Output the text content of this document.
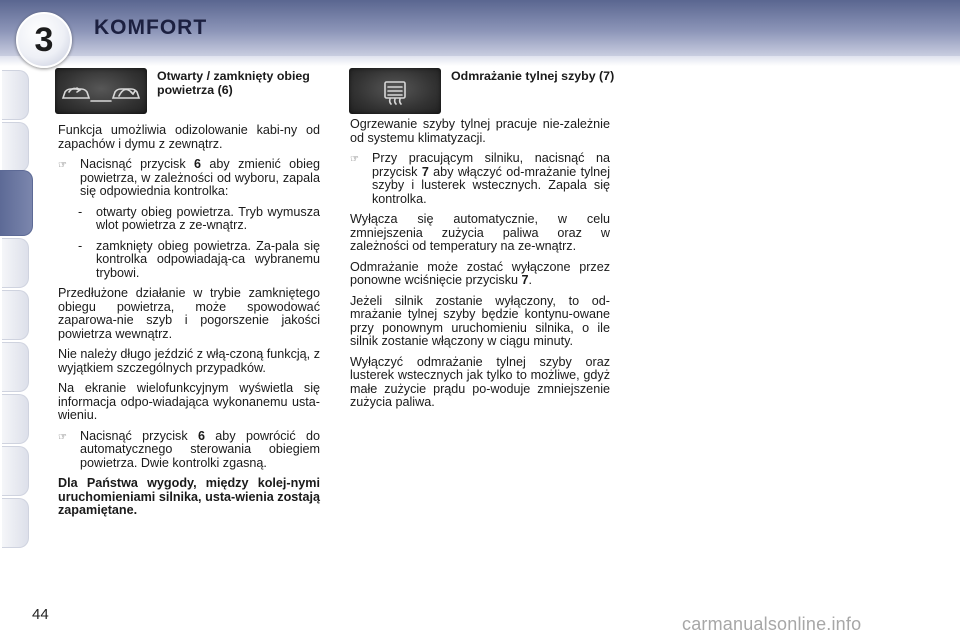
3 KOMFORT
Otwarty / zamknięty obieg powietrza (6)

Funkcja umożliwia odizolowanie kabi-ny od zapachów i dymu z zewnątrz.

☞	Nacisnąć przycisk 6 aby zmienić obieg powietrza, w zależności od wyboru, zapala się odpowiednia kontrolka:
-	otwarty obieg powietrza. Tryb wymusza wlot powietrza z ze-wnątrz.
-	zamknięty obieg powietrza. Za-pala się kontrolka odpowiadają-ca wybranemu trybowi.

Przedłużone działanie w trybie zamkniętego obiegu powietrza, może spowodować zaparowa-nie szyb i pogorszenie jakości powietrza wewnątrz.

Nie należy długo jeździć z włą-czoną funkcją, z wyjątkiem szczególnych przypadków.

Na ekranie wielofunkcyjnym wyświetla się informacja odpo-wiadająca wykonanemu usta-wieniu.

☞	Nacisnąć przycisk 6 aby powrócić do automatycznego sterowania obiegiem powietrza. Dwie kontrolki zgasną.

Dla Państwa wygody, między kolej-nymi uruchomieniami silnika, usta-wienia zostają zapamiętane.

Odmrażanie tylnej szyby (7)

Ogrzewanie szyby tylnej pracuje nie-zależnie od systemu klimatyzacji.

☞	Przy pracującym silniku, nacisnąć na przycisk 7 aby włączyć od-mrażanie tylnej szyby i lusterek wstecznych. Zapala się kontrolka.

Wyłącza się automatycznie, w celu zmniejszenia zużycia paliwa oraz w zależności od temperatury na ze-wnątrz.

Odmrażanie może zostać wyłączone przez ponowne wciśnięcie przycisku 7.

Jeżeli silnik zostanie wyłączony, to od-mrażanie tylnej szyby będzie kontynu-owane przy ponownym uruchomieniu silnika, o ile silnik zostanie włączony w ciągu minuty.

Wyłączyć odmrażanie tylnej szyby oraz lusterek wstecznych jak tylko to możliwe, gdyż małe zużycie prądu po-woduje zmniejszenie zużycia paliwa.

44	carmanualsonline.info
